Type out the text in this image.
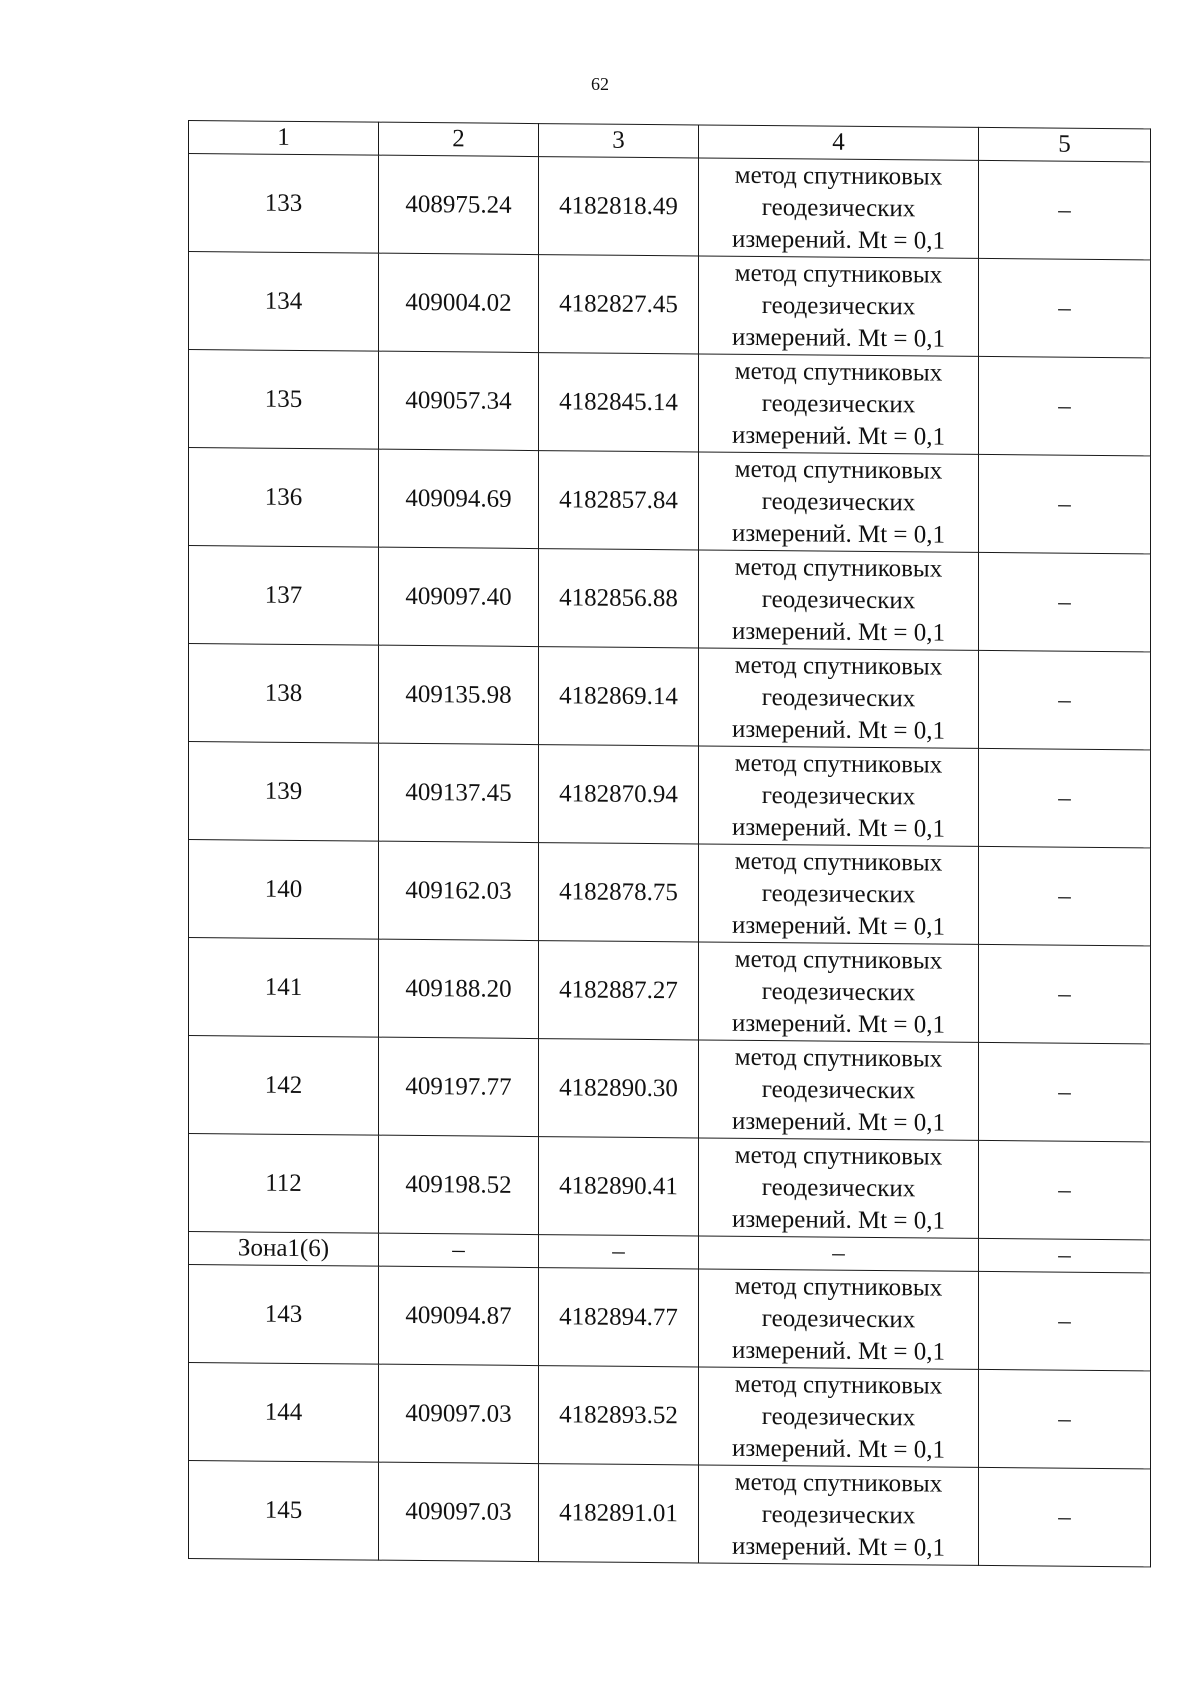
62
1	2	3	4	5
133	408975.24	4182818.49	метод спутниковых
геодезических
измерений. Mt = 0,1	–
134	409004.02	4182827.45	метод спутниковых
геодезических
измерений. Mt = 0,1	–
135	409057.34	4182845.14	метод спутниковых
геодезических
измерений. Mt = 0,1	–
136	409094.69	4182857.84	метод спутниковых
геодезических
измерений. Mt = 0,1	–
137	409097.40	4182856.88	метод спутниковых
геодезических
измерений. Mt = 0,1	–
138	409135.98	4182869.14	метод спутниковых
геодезических
измерений. Mt = 0,1	–
139	409137.45	4182870.94	метод спутниковых
геодезических
измерений. Mt = 0,1	–
140	409162.03	4182878.75	метод спутниковых
геодезических
измерений. Mt = 0,1	–
141	409188.20	4182887.27	метод спутниковых
геодезических
измерений. Mt = 0,1	–
142	409197.77	4182890.30	метод спутниковых
геодезических
измерений. Mt = 0,1	–
112	409198.52	4182890.41	метод спутниковых
геодезических
измерений. Mt = 0,1	–
Зона1(6)	–	–	–	–
143	409094.87	4182894.77	метод спутниковых
геодезических
измерений. Mt = 0,1	–
144	409097.03	4182893.52	метод спутниковых
геодезических
измерений. Mt = 0,1	–
145	409097.03	4182891.01	метод спутниковых
геодезических
измерений. Mt = 0,1	–
